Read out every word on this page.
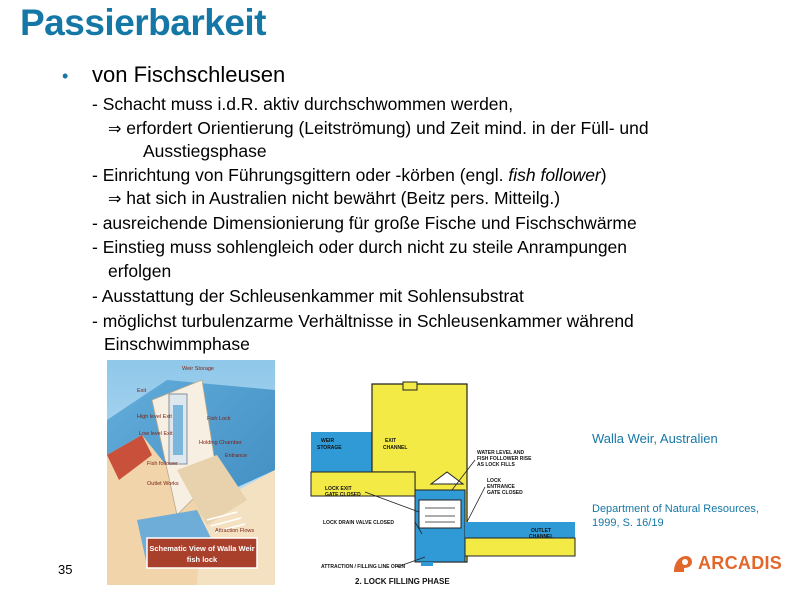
Passierbarkeit
• von Fischschleusen
- Schacht muss i.d.R. aktiv durchschwommen werden,
⇒ erfordert Orientierung (Leitströmung) und Zeit mind. in der Füll- und
Ausstiegsphase
- Einrichtung von Führungsgittern oder -körben (engl. fish follower)
⇒ hat sich in Australien nicht bewährt (Beitz pers. Mitteilg.)
- ausreichende Dimensionierung für große Fische und Fischschwärme
- Einstieg muss sohlengleich oder durch nicht zu steile Anrampungen
erfolgen
- Ausstattung der Schleusenkammer mit Sohlensubstrat
- möglichst turbulenzarme Verhältnisse in Schleusenkammer während
Einschwimmphase
Weir Storage
Exit
High level Exit
Low level Exit
Fish Lock
Holding Chamber
Entrance
Fish follower
Outlet Works
Attraction Flows
Schematic View of Walla Weir
fish lock
WEIR
STORAGE
EXIT
CHANNEL
WATER LEVEL AND
FISH FOLLOWER RISE
AS LOCK FILLS
LOCK
ENTRANCE
GATE CLOSED
LOCK EXIT
GATE CLOSED
LOCK DRAIN VALVE CLOSED
OUTLET
CHANNEL
ATTRACTION / FILLING LINE OPEN
2. LOCK FILLING PHASE
Walla Weir, Australien
Department of Natural Resources, 1999, S. 16/19
35	ARCADIS
